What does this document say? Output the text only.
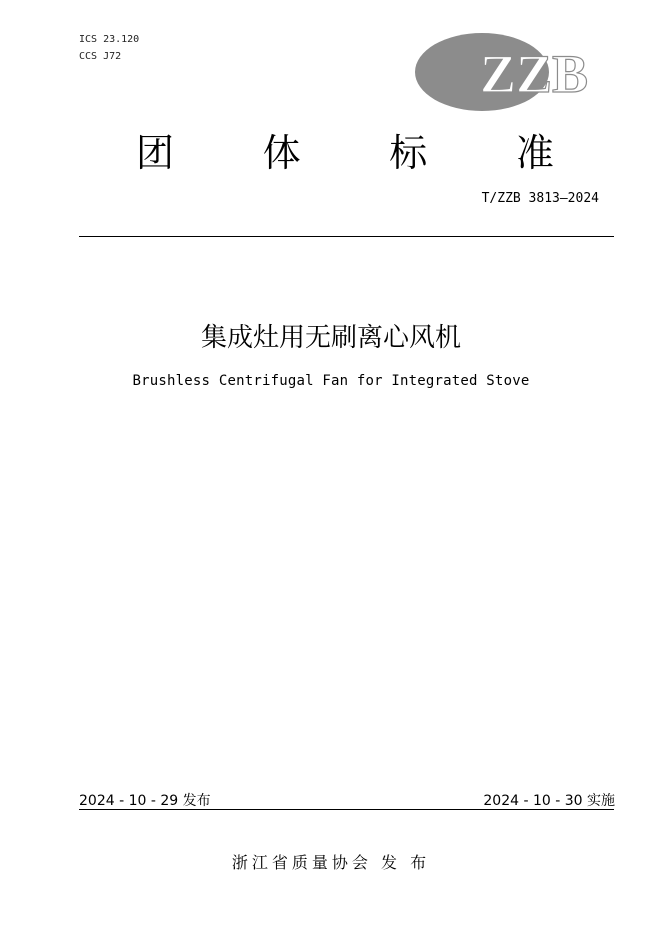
ICS 23.120
CCS J72	ZZB
团	体	标	准
T/ZZB 3813—2024
集成灶用无刷离心风机
Brushless Centrifugal Fan for Integrated Stove
2024 - 10 - 29 发布	2024 - 10 - 30 实施
浙江省质量协会 发 布
